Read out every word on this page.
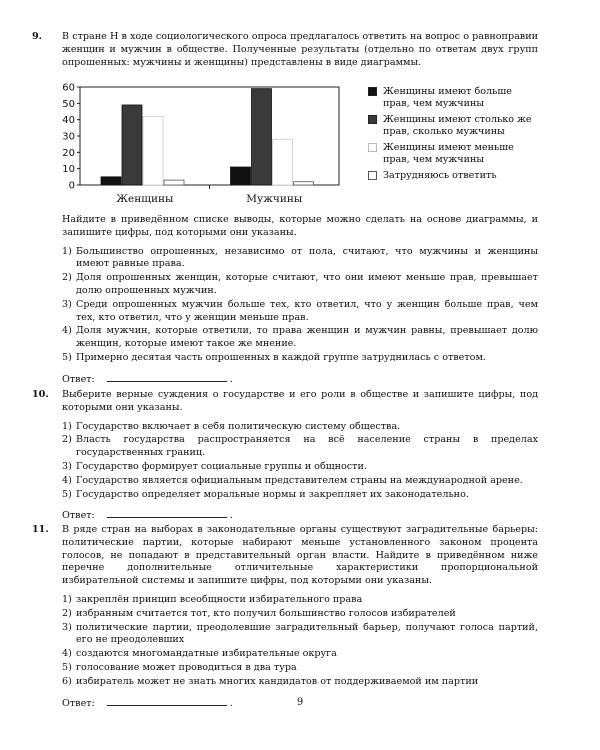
9. В стране Н в ходе социологического опроса предлагалось ответить на вопрос о равноправии женщин и мужчин в обществе. Полученные результаты (отдельно по ответам двух групп опрошенных: мужчины и женщины) представлены в виде диаграммы.
0
10
20
30
40
50
60
Женщины	Мужчины
Женщины имеют больше прав, чем мужчины
Женщины имеют столько же прав, сколько мужчины
Женщины имеют меньше прав, чем мужчины
Затрудняюсь ответить
Найдите в приведённом списке выводы, которые можно сделать на основе диаграммы, и запишите цифры, под которыми они указаны.
1) Большинство опрошенных, независимо от пола, считают, что мужчины и женщины имеют равные права.
2) Доля опрошенных женщин, которые считают, что они имеют меньше прав, превышает долю опрошенных мужчин.
3) Среди опрошенных мужчин больше тех, кто ответил, что у женщин больше прав, чем тех, кто ответил, что у женщин меньше прав.
4) Доля мужчин, которые ответили, то права женщин и мужчин равны, превышает долю женщин, которые имеют такое же мнение.
5) Примерно десятая часть опрошенных в каждой группе затруднилась с ответом.
Ответ:	.
10. Выберите верные суждения о государстве и его роли в обществе и запишите цифры, под которыми они указаны.
1) Государство включает в себя политическую систему общества.
2) Власть государства распространяется на всё население страны в пределах государственных границ.
3) Государство формирует социальные группы и общности.
4) Государство является официальным представителем страны на международной арене.
5) Государство определяет моральные нормы и закрепляет их законодательно.
Ответ:	.
11. В ряде стран на выборах в законодательные органы существуют заградительные барьеры: политические партии, которые набирают меньше установленного законом процента голосов, не попадают в представительный орган власти. Найдите в приведённом ниже перечне дополнительные отличительные характеристики пропорциональной избирательной системы и запишите цифры, под которыми они указаны.
1) закреплён принцип всеобщности избирательного права
2) избранным считается тот, кто получил большинство голосов избирателей
3) политические партии, преодолевшие заградительный барьер, получают голоса партий, его не преодолевших
4) создаются многомандатные избирательные округа
5) голосование может проводиться в два тура
6) избиратель может не знать многих кандидатов от поддерживаемой им партии
Ответ:	.	9
